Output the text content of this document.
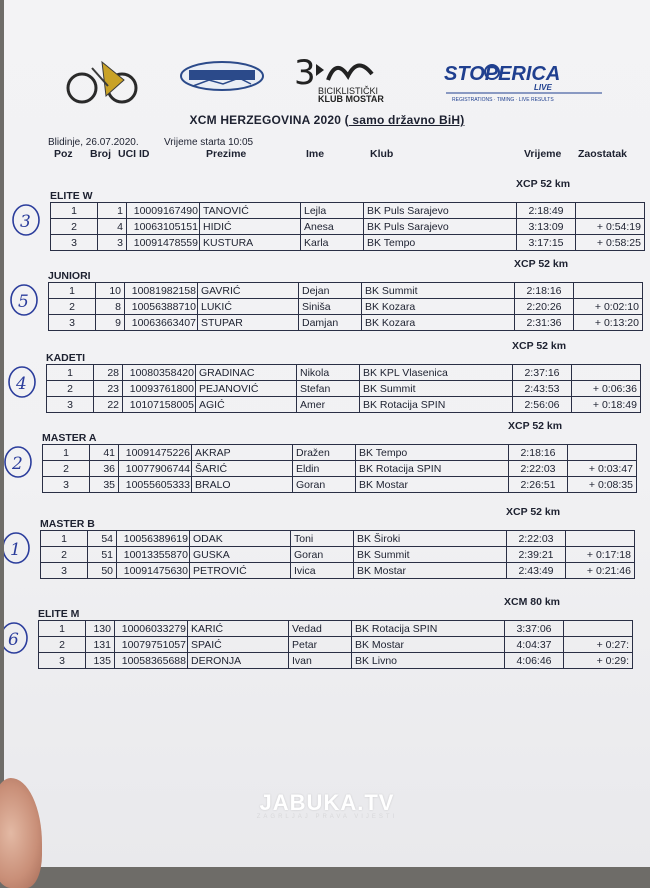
3 BICIKLISTIČKI
KLUB MOSTAR
STOPERICA
LIVE
REGISTRATIONS · TIMING · LIVE RESULTS
XCM HERZEGOVINA 2020 ( samo državno BiH)
Blidinje, 26.07.2020.	Vrijeme starta 10:05
Poz Broj UCI ID	Prezime	Ime	Klub	Vrijeme Zaostatak
ELITE W
XCP 52 km
1	1	10009167490	TANOVIĆ	Lejla	BK Puls Sarajevo	2:18:49	
2	4	10063105151	HIDIĆ	Anesa	BK Puls Sarajevo	3:13:09	+ 0:54:19
3	3	10091478559	KUSTURA	Karla	BK Tempo	3:17:15	+ 0:58:25
3
JUNIORI
XCP 52 km
1	10	10081982158	GAVRIĆ	Dejan	BK Summit	2:18:16	
2	8	10056388710	LUKIĆ	Siniša	BK Kozara	2:20:26	+ 0:02:10
3	9	10063663407	STUPAR	Damjan	BK Kozara	2:31:36	+ 0:13:20
5
KADETI
XCP 52 km
1	28	10080358420	GRADINAC	Nikola	BK KPL Vlasenica	2:37:16	
2	23	10093761800	PEJANOVIĆ	Stefan	BK Summit	2:43:53	+ 0:06:36
3	22	10107158005	AGIĆ	Amer	BK Rotacija SPIN	2:56:06	+ 0:18:49
4
MASTER A
XCP 52 km
1	41	10091475226	AKRAP	Dražen	BK Tempo	2:18:16	
2	36	10077906744	ŠARIĆ	Eldin	BK Rotacija SPIN	2:22:03	+ 0:03:47
3	35	10055605333	BRALO	Goran	BK Mostar	2:26:51	+ 0:08:35
2
MASTER B
XCP 52 km
1	54	10056389619	ODAK	Toni	BK Široki	2:22:03	
2	51	10013355870	GUSKA	Goran	BK Summit	2:39:21	+ 0:17:18
3	50	10091475630	PETROVIĆ	Ivica	BK Mostar	2:43:49	+ 0:21:46
1
ELITE M
XCM 80 km
1	130	10006033279	KARIĆ	Vedad	BK Rotacija SPIN	3:37:06	
2	131	10079751057	SPAIĆ	Petar	BK Mostar	4:04:37	+ 0:27:
3	135	10058365688	DERONJA	Ivan	BK Livno	4:06:46	+ 0:29:
6
JABUKA.TV
ZAGRLJAJ PRAVA VIJESTI
